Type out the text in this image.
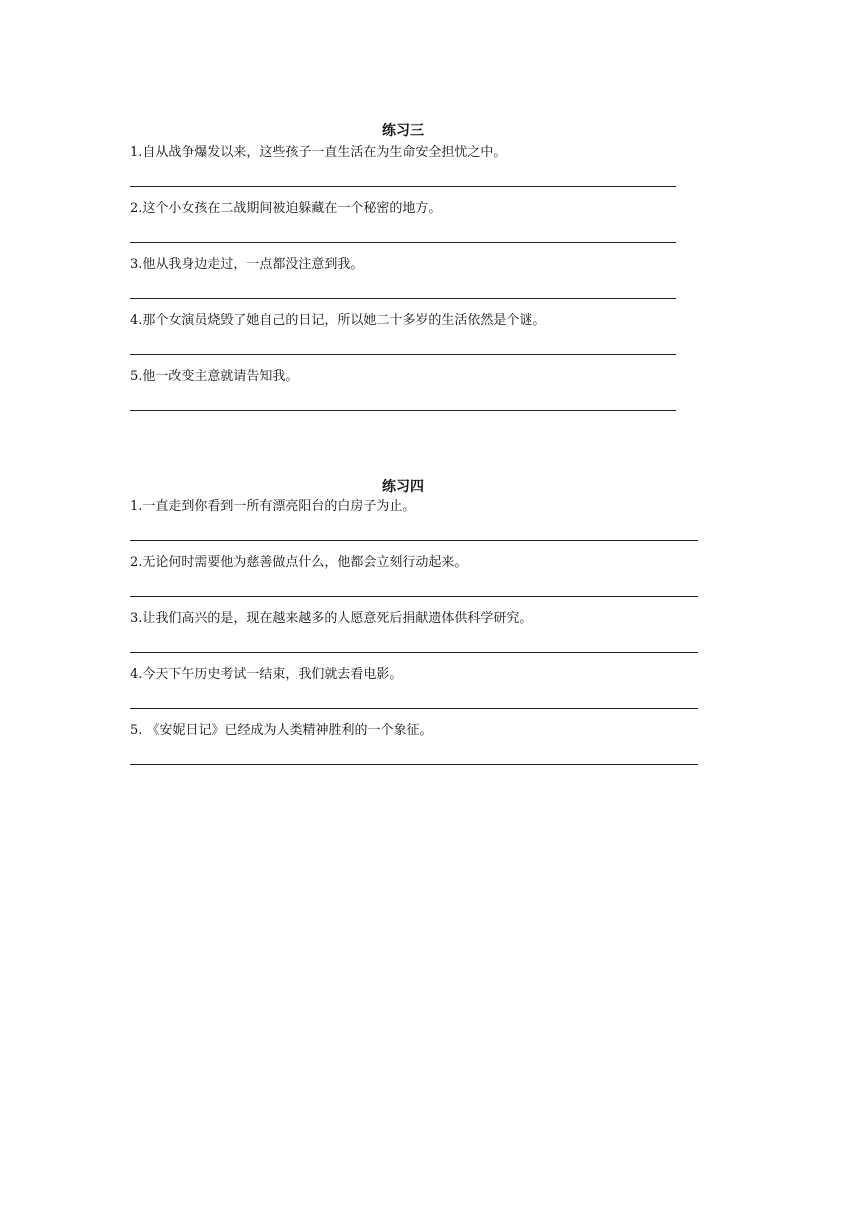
练习三
1.自从战争爆发以来，这些孩子一直生活在为生命安全担忧之中。
2.这个小女孩在二战期间被迫躲藏在一个秘密的地方。
3.他从我身边走过，一点都没注意到我。
4.那个女演员烧毁了她自己的日记，所以她二十多岁的生活依然是个谜。
5.他一改变主意就请告知我。
练习四
1.一直走到你看到一所有漂亮阳台的白房子为止。
2.无论何时需要他为慈善做点什么，他都会立刻行动起来。
3.让我们高兴的是，现在越来越多的人愿意死后捐献遗体供科学研究。
4.今天下午历史考试一结束，我们就去看电影。
5. 《安妮日记》已经成为人类精神胜利的一个象征。
